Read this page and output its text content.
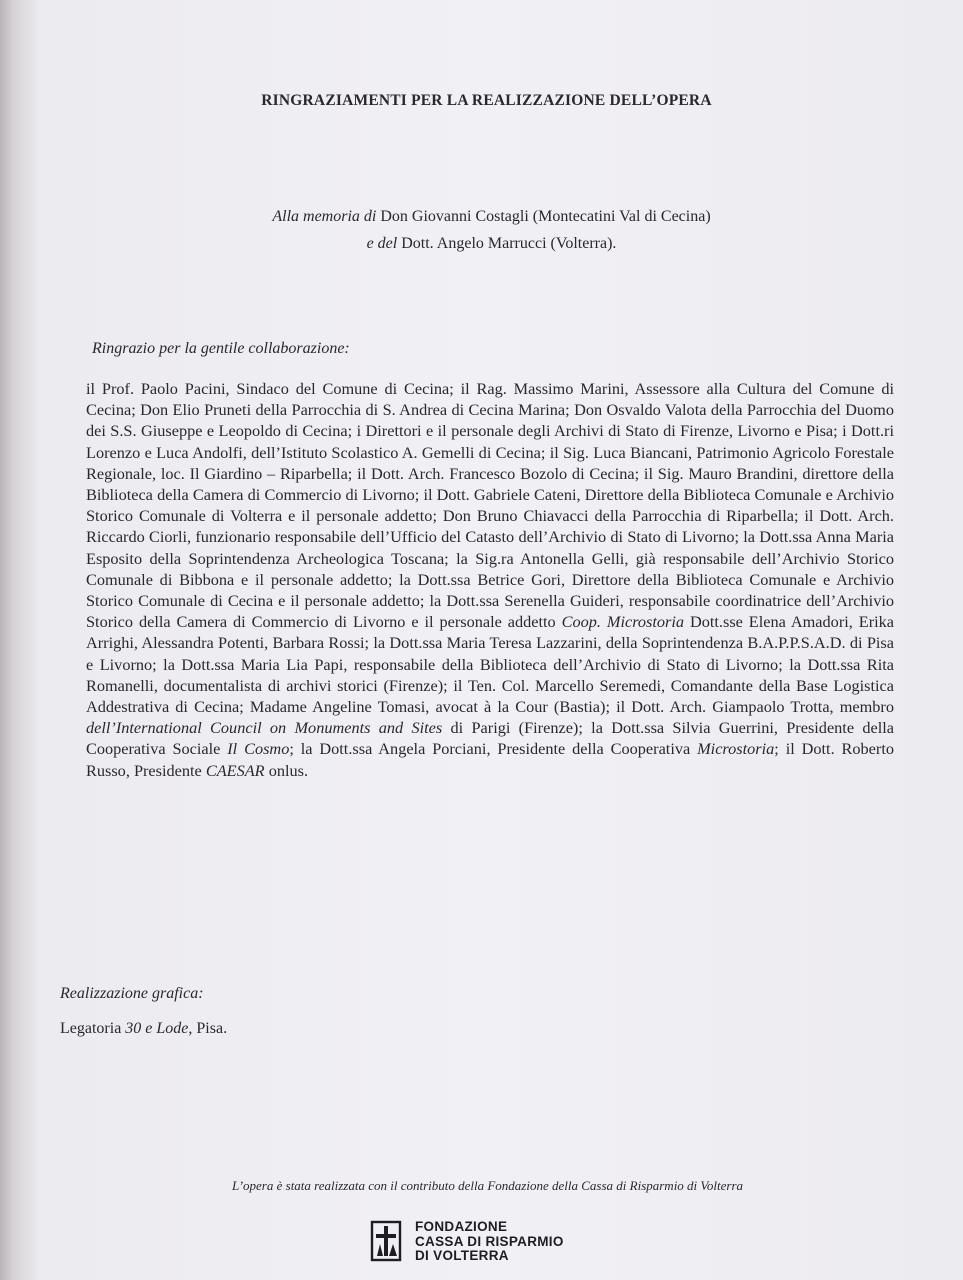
RINGRAZIAMENTI PER LA REALIZZAZIONE DELL’OPERA
Alla memoria di Don Giovanni Costagli (Montecatini Val di Cecina)
e del Dott. Angelo Marrucci (Volterra).
Ringrazio per la gentile collaborazione:
il Prof. Paolo Pacini, Sindaco del Comune di Cecina; il Rag. Massimo Marini, Assessore alla Cultura del Comune di Cecina; Don Elio Pruneti della Parrocchia di S. Andrea di Cecina Marina; Don Osvaldo Valota della Parrocchia del Duomo dei S.S. Giuseppe e Leopoldo di Cecina; i Direttori e il personale degli Archivi di Stato di Firenze, Livorno e Pisa; i Dott.ri Lorenzo e Luca Andolfi, dell’Istituto Scolastico A. Gemelli di Cecina; il Sig. Luca Biancani, Patrimonio Agricolo Forestale Regionale, loc. Il Giardino – Riparbella; il Dott. Arch. Francesco Bozolo di Cecina; il Sig. Mauro Brandini, direttore della Biblioteca della Camera di Commercio di Livorno; il Dott. Gabriele Cateni, Direttore della Biblioteca Comunale e Archivio Storico Comunale di Volterra e il personale addetto; Don Bruno Chiavacci della Parrocchia di Riparbella; il Dott. Arch. Riccardo Ciorli, funzionario responsabile dell’Ufficio del Catasto dell’Archivio di Stato di Livorno; la Dott.ssa Anna Maria Esposito della Soprintendenza Archeologica Toscana; la Sig.ra Antonella Gelli, già responsabile dell’Archivio Storico Comunale di Bibbona e il personale addetto; la Dott.ssa Betrice Gori, Direttore della Biblioteca Comunale e Archivio Storico Comunale di Cecina e il personale addetto; la Dott.ssa Serenella Guideri, responsabile coordinatrice dell’Archivio Storico della Camera di Commercio di Livorno e il personale addetto Coop. Microstoria Dott.sse Elena Amadori, Erika Arrighi, Alessandra Potenti, Barbara Rossi; la Dott.ssa Maria Teresa Lazzarini, della Soprintendenza B.A.P.P.S.A.D. di Pisa e Livorno; la Dott.ssa Maria Lia Papi, responsabile della Biblioteca dell’Archivio di Stato di Livorno; la Dott.ssa Rita Romanelli, documentalista di archivi storici (Firenze); il Ten. Col. Marcello Seremedi, Comandante della Base Logistica Addestrativa di Cecina; Madame Angeline Tomasi, avocat à la Cour (Bastia); il Dott. Arch. Giampaolo Trotta, membro dell’International Council on Monuments and Sites di Parigi (Firenze); la Dott.ssa Silvia Guerrini, Presidente della Cooperativa Sociale Il Cosmo; la Dott.ssa Angela Porciani, Presidente della Cooperativa Microstoria; il Dott. Roberto Russo, Presidente CAESAR onlus.
Realizzazione grafica:
Legatoria 30 e Lode, Pisa.
L’opera è stata realizzata con il contributo della Fondazione della Cassa di Risparmio di Volterra
FONDAZIONE
CASSA DI RISPARMIO
DI VOLTERRA
